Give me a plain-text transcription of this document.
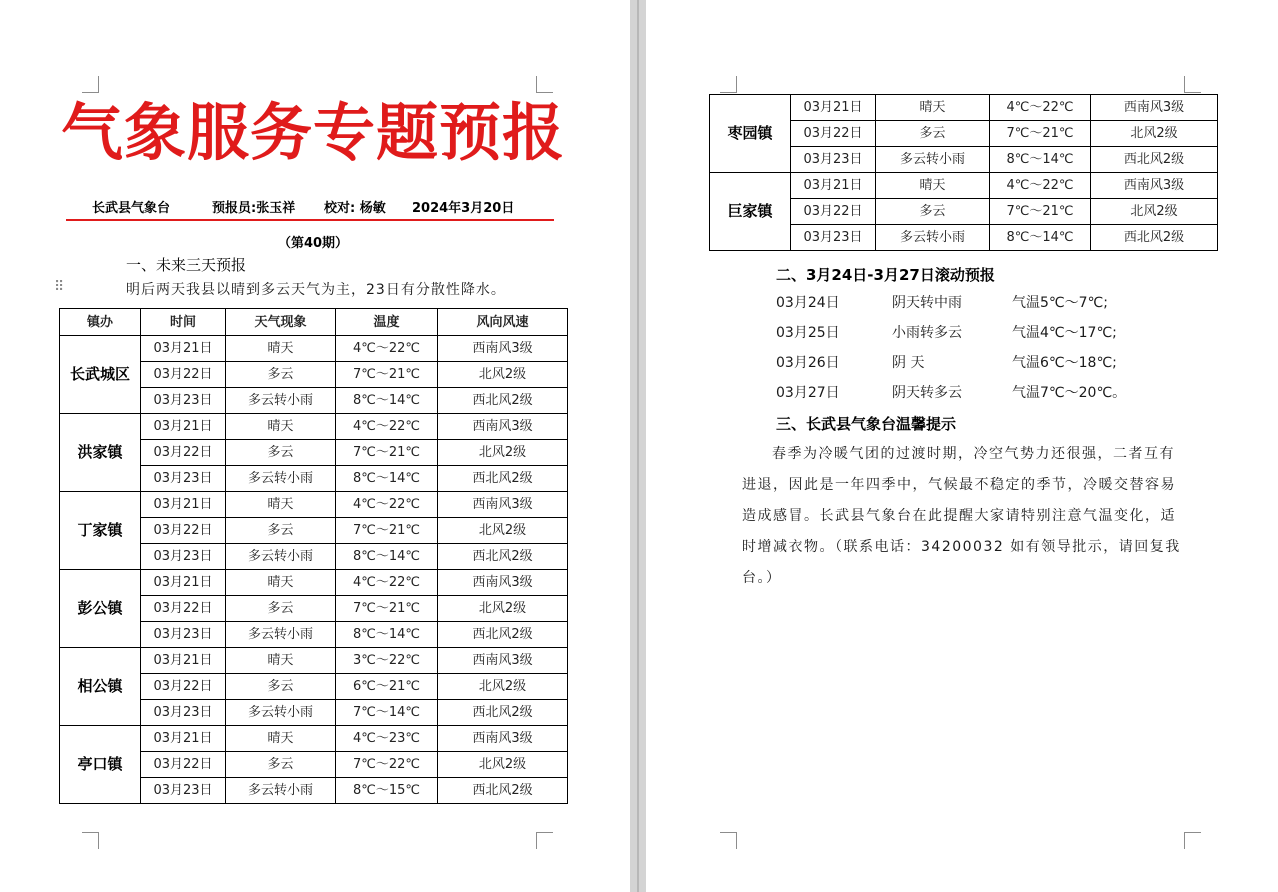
气象服务专题预报
长武县气象台	预报员:张玉祥 校对: 杨敏 2024年3月20日
（第40期）
一、未来三天预报
⠿	明后两天我县以晴到多云天气为主，23日有分散性降水。
镇办	时间	天气现象	温度	风向风速
长武城区	03月21日	晴天	4℃～22℃	西南风3级
	03月22日	多云	7℃～21℃	北风2级
	03月23日	多云转小雨	8℃～14℃	西北风2级
洪家镇	03月21日	晴天	4℃～22℃	西南风3级
	03月22日	多云	7℃～21℃	北风2级
	03月23日	多云转小雨	8℃～14℃	西北风2级
丁家镇	03月21日	晴天	4℃～22℃	西南风3级
	03月22日	多云	7℃～21℃	北风2级
	03月23日	多云转小雨	8℃～14℃	西北风2级
彭公镇	03月21日	晴天	4℃～22℃	西南风3级
	03月22日	多云	7℃～21℃	北风2级
	03月23日	多云转小雨	8℃～14℃	西北风2级
相公镇	03月21日	晴天	3℃～22℃	西南风3级
	03月22日	多云	6℃～21℃	北风2级
	03月23日	多云转小雨	7℃～14℃	西北风2级
亭口镇	03月21日	晴天	4℃～23℃	西南风3级
	03月22日	多云	7℃～22℃	北风2级
	03月23日	多云转小雨	8℃～15℃	西北风2级
枣园镇	03月21日	晴天	4℃～22℃	西南风3级
	03月22日	多云	7℃～21℃	北风2级
	03月23日	多云转小雨	8℃～14℃	西北风2级
巨家镇	03月21日	晴天	4℃～22℃	西南风3级
	03月22日	多云	7℃～21℃	北风2级
	03月23日	多云转小雨	8℃～14℃	西北风2级
二、3月24日-3月27日滚动预报
03月24日	阴天转中雨	气温5℃～7℃;
03月25日	小雨转多云	气温4℃～17℃;
03月26日	阴 天	气温6℃～18℃;
03月27日	阴天转多云	气温7℃～20℃。
三、长武县气象台温馨提示
春季为冷暖气团的过渡时期，冷空气势力还很强，二者互有进退，因此是一年四季中，气候最不稳定的季节，冷暖交替容易造成感冒。长武县气象台在此提醒大家请特别注意气温变化，适时增减衣物。（联系电话：34200032 如有领导批示，请回复我台。）
